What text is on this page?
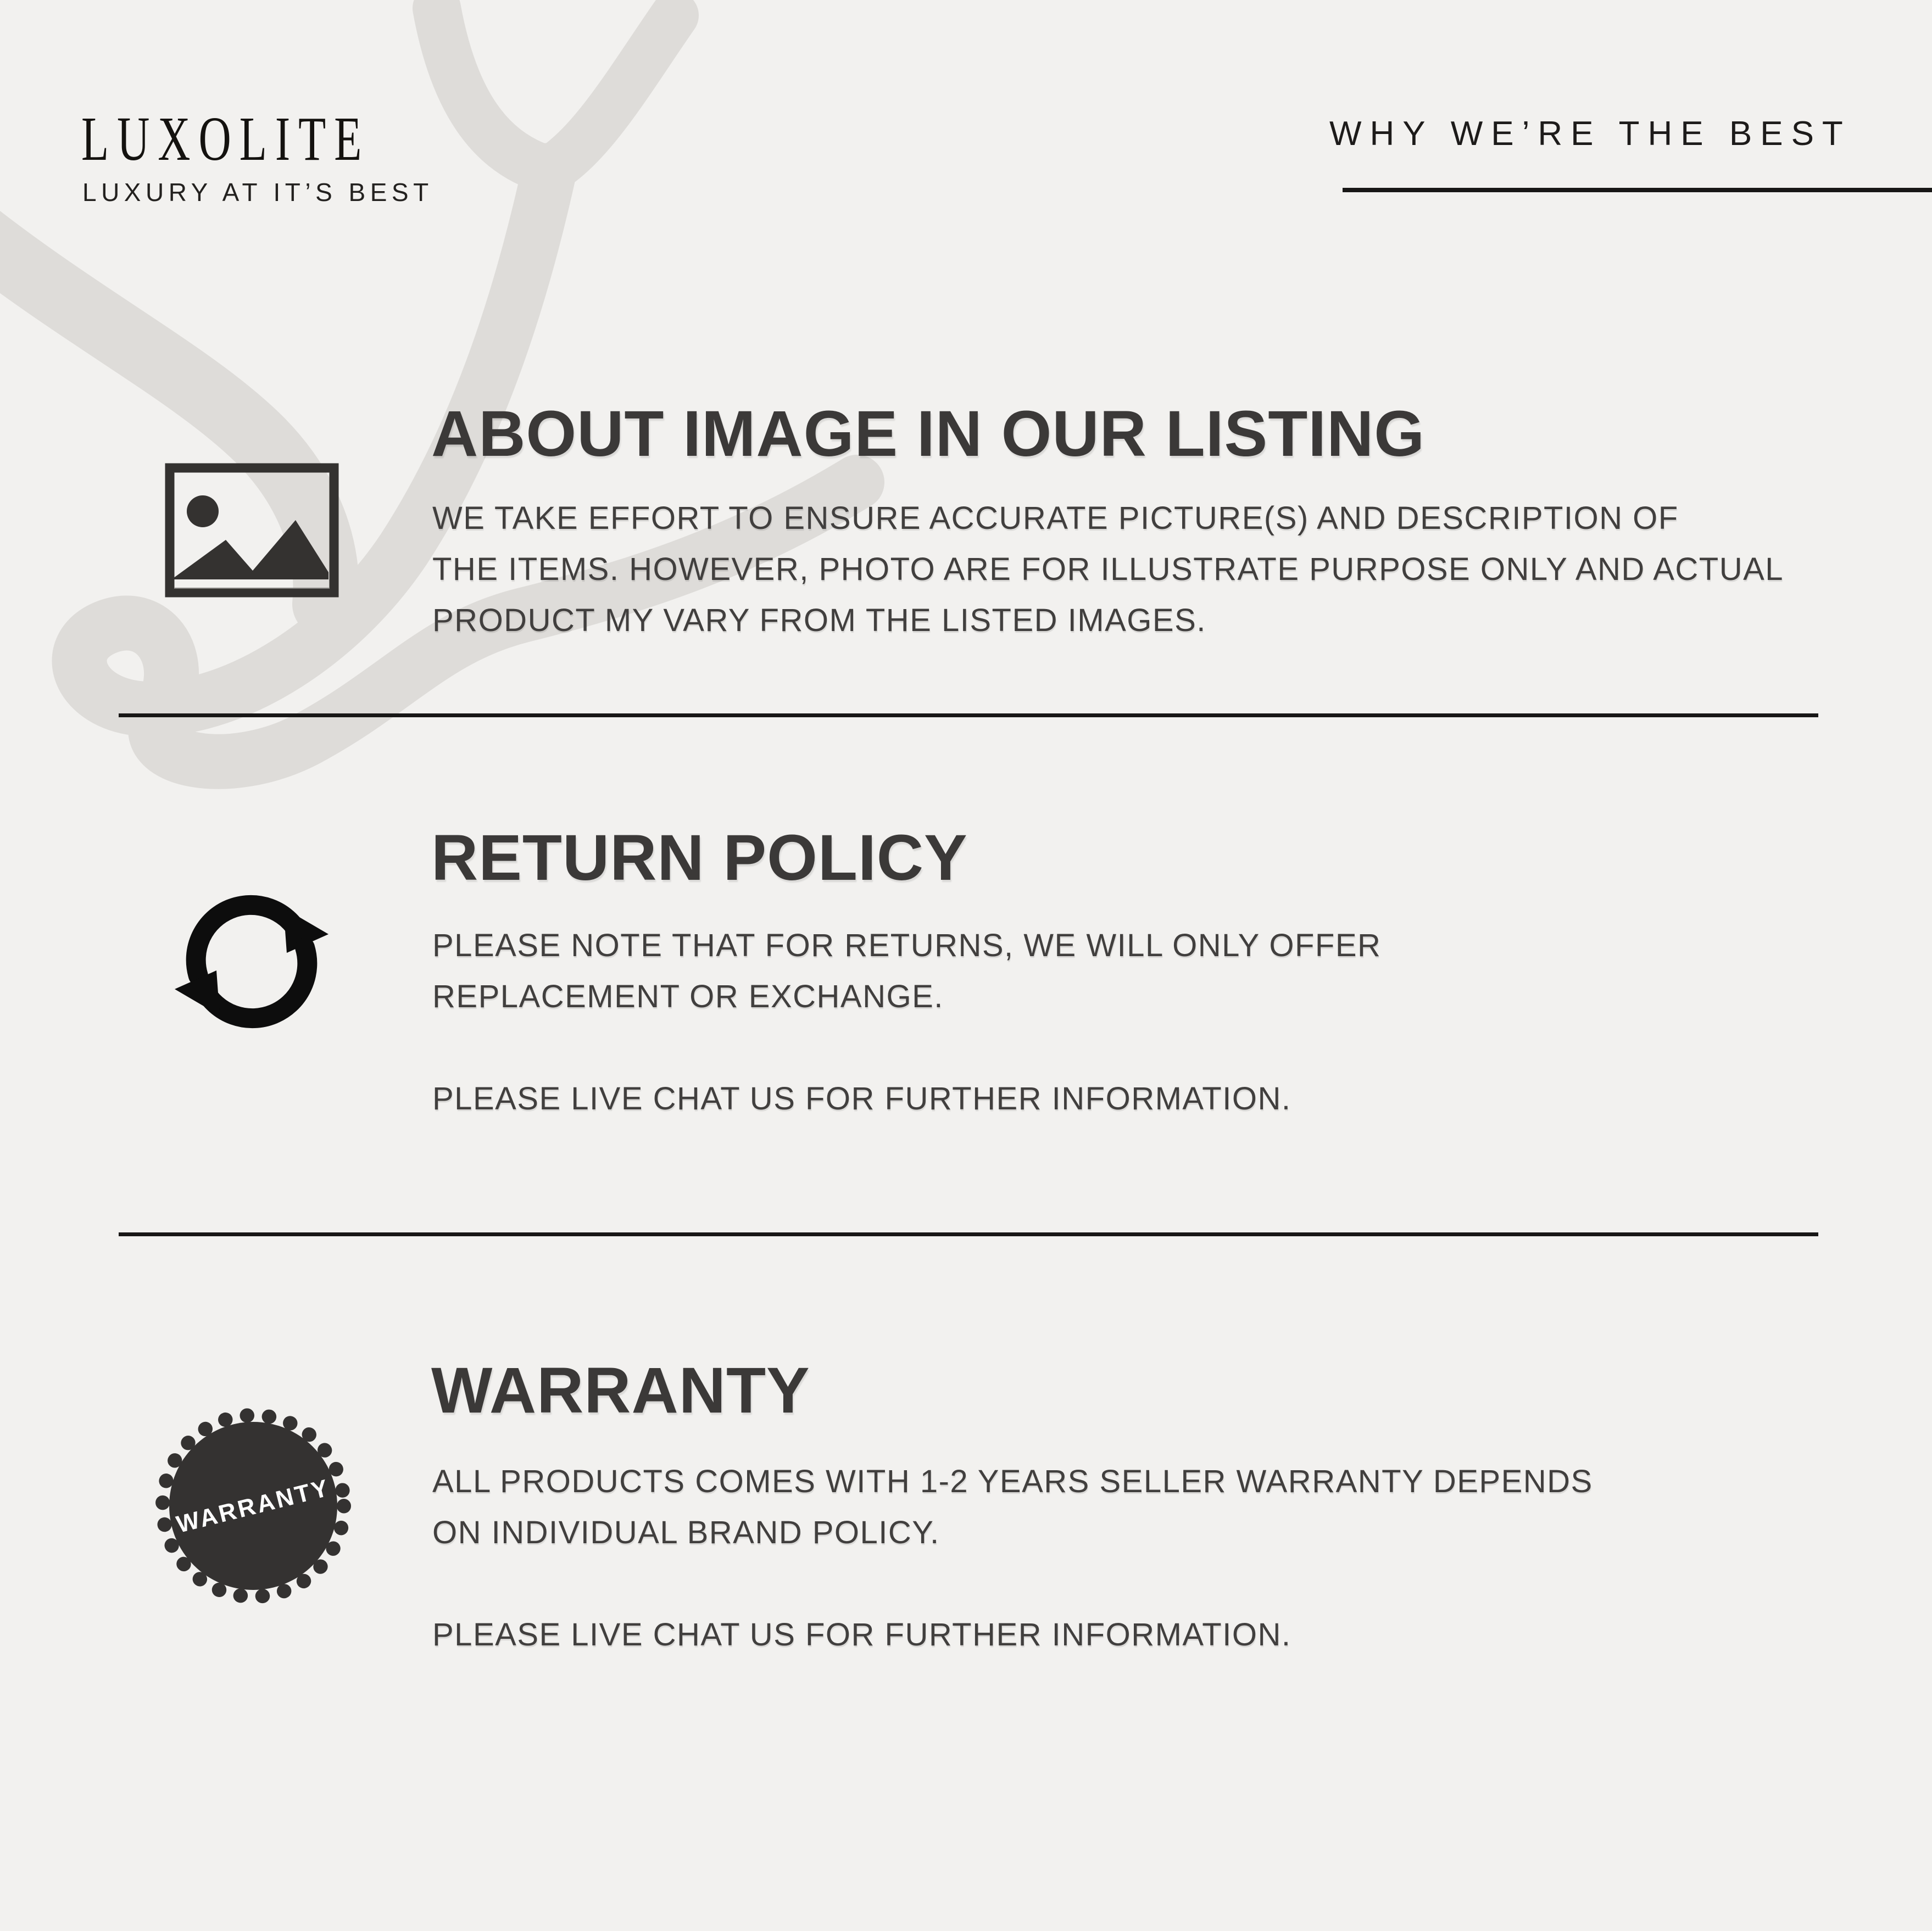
LUXOLITE
LUXURY AT IT’S BEST
WHY WE’RE THE BEST
ABOUT IMAGE IN OUR LISTING
WE TAKE EFFORT TO ENSURE ACCURATE PICTURE(S) AND DESCRIPTION OF
THE ITEMS. HOWEVER, PHOTO ARE FOR ILLUSTRATE PURPOSE ONLY AND ACTUAL
PRODUCT MY VARY FROM THE LISTED IMAGES.
RETURN POLICY
PLEASE NOTE THAT FOR RETURNS, WE WILL ONLY OFFER
REPLACEMENT OR EXCHANGE.
PLEASE LIVE CHAT US FOR FURTHER INFORMATION.
WARRANTY
WARRANTY
ALL PRODUCTS COMES WITH 1-2 YEARS SELLER WARRANTY DEPENDS
ON INDIVIDUAL BRAND POLICY.
PLEASE LIVE CHAT US FOR FURTHER INFORMATION.
